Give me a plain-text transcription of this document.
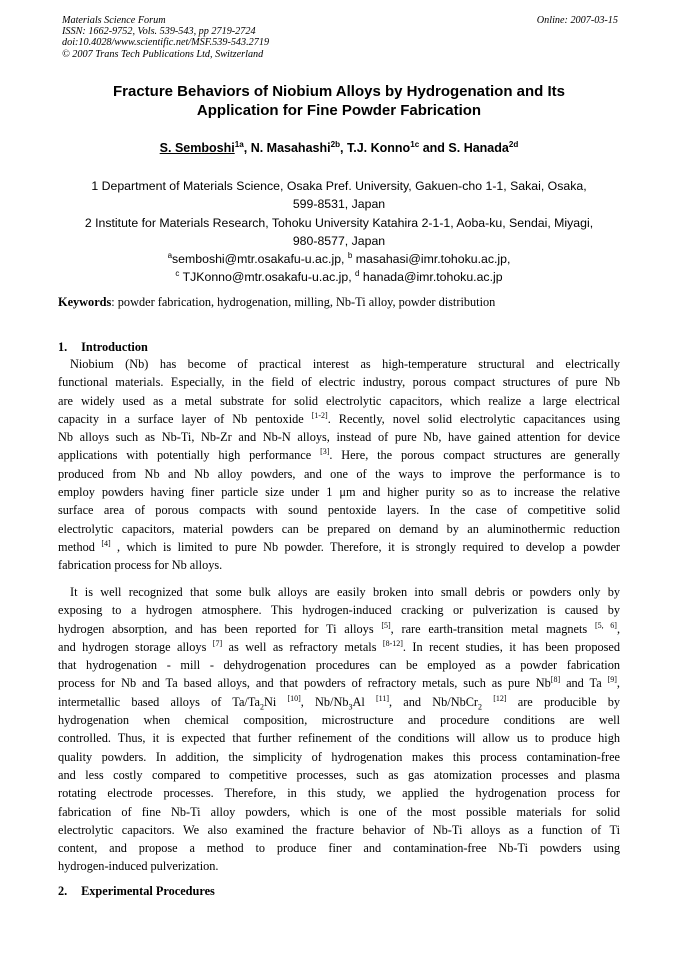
Materials Science Forum
ISSN: 1662-9752, Vols. 539-543, pp 2719-2724
doi:10.4028/www.scientific.net/MSF.539-543.2719
© 2007 Trans Tech Publications Ltd, Switzerland
Online: 2007-03-15
Fracture Behaviors of Niobium Alloys by Hydrogenation and Its
Application for Fine Powder Fabrication
S. Semboshi$^{1a}$, N. Masahashi$^{2b}$, T.J. Konno$^{1c}$ and S. Hanada$^{2d}$
1 Department of Materials Science, Osaka Pref. University, Gakuen-cho 1-1, Sakai, Osaka,
599-8531, Japan
2 Institute for Materials Research, Tohoku University Katahira 2-1-1, Aoba-ku, Sendai, Miyagi,
980-8577, Japan
$^a$semboshi@mtr.osakafu-u.ac.jp, $^b$ masahasi@imr.tohoku.ac.jp,
$^c$ TJKonno@mtr.osakafu-u.ac.jp, $^d$ hanada@imr.tohoku.ac.jp
Keywords: powder fabrication, hydrogenation, milling, Nb-Ti alloy, powder distribution
1. Introduction
Niobium (Nb) has become of practical interest as high-temperature structural and electrically
functional materials. Especially, in the field of electric industry, porous compact structures of pure Nb
are widely used as a metal substrate for solid electrolytic capacitors, which realize a large electrical
capacity in a surface layer of Nb pentoxide [1-2]. Recently, novel solid electrolytic capacitances using
Nb alloys such as Nb-Ti, Nb-Zr and Nb-N alloys, instead of pure Nb, have gained attention for device
applications with potentially high performance [3]. Here, the porous compact structures are generally
produced from Nb and Nb alloy powders, and one of the ways to improve the performance is to
employ powders having finer particle size under 1 μm and higher purity so as to increase the relative
surface area of porous compacts with sound pentoxide layers. In the case of competitive solid
electrolytic capacitors, material powders can be prepared on demand by an aluminothermic reduction
method [4] , which is limited to pure Nb powder. Therefore, it is strongly required to develop a powder
fabrication process for Nb alloys.
It is well recognized that some bulk alloys are easily broken into small debris or powders only by
exposing to a hydrogen atmosphere. This hydrogen-induced cracking or pulverization is caused by
hydrogen absorption, and has been reported for Ti alloys [5], rare earth-transition metal magnets [5, 6],
and hydrogen storage alloys [7] as well as refractory metals [8-12]. In recent studies, it has been proposed
that hydrogenation - mill - dehydrogenation procedures can be employed as a powder fabrication
process for Nb and Ta based alloys, and that powders of refractory metals, such as pure Nb[8] and Ta [9],
intermetallic based alloys of $Ta/Ta_2Ni$ [10], $Nb/Nb_3Al$ [11], and Nb/NbCr$_2$ [12] are producible by
hydrogenation when chemical composition, microstructure and procedure conditions are well
controlled. Thus, it is expected that further refinement of the conditions will allow us to produce high
quality powders. In addition, the simplicity of hydrogenation makes this process contamination-free
and less costly compared to competitive processes, such as gas atomization processes and plasma
rotating electrode processes. Therefore, in this study, we applied the hydrogenation process for
fabrication of fine Nb-Ti alloy powders, which is one of the most possible materials for solid
electrolytic capacitors. We also examined the fracture behavior of Nb-Ti alloys as a function of Ti
content, and propose a method to produce finer and contamination-free Nb-Ti powders using
hydrogen-induced pulverization.
2. Experimental Procedures
